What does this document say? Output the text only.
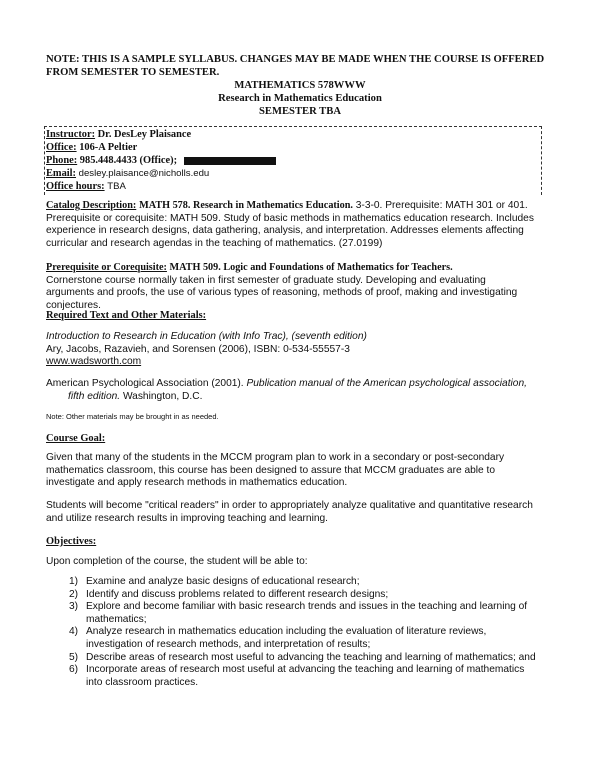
NOTE: THIS IS A SAMPLE SYLLABUS. CHANGES MAY BE MADE WHEN THE COURSE IS OFFERED FROM SEMESTER TO SEMESTER.
MATHEMATICS 578WWW
Research in Mathematics Education
SEMESTER TBA
Instructor: Dr. DesLey Plaisance
Office: 106-A Peltier
Phone: 985.448.4433 (Office);
Email: desley.plaisance@nicholls.edu
Office hours: TBA
Catalog Description: MATH 578. Research in Mathematics Education. 3-3-0. Prerequisite: MATH 301 or 401. Prerequisite or corequisite: MATH 509. Study of basic methods in mathematics education research. Includes experience in research designs, data gathering, analysis, and interpretation. Addresses elements affecting curricular and research agendas in the teaching of mathematics. (27.0199)
Prerequisite or Corequisite: MATH 509. Logic and Foundations of Mathematics for Teachers.
Cornerstone course normally taken in first semester of graduate study. Developing and evaluating arguments and proofs, the use of various types of reasoning, methods of proof, making and investigating conjectures.
Required Text and Other Materials:
Introduction to Research in Education (with Info Trac), (seventh edition)
Ary, Jacobs, Razavieh, and Sorensen (2006), ISBN: 0-534-55557-3
www.wadsworth.com
American Psychological Association (2001). Publication manual of the American psychological association, fifth edition. Washington, D.C.
Note: Other materials may be brought in as needed.
Course Goal:
Given that many of the students in the MCCM program plan to work in a secondary or post-secondary mathematics classroom, this course has been designed to assure that MCCM graduates are able to investigate and apply research methods in mathematics education.
Students will become "critical readers" in order to appropriately analyze qualitative and quantitative research and utilize research results in improving teaching and learning.
Objectives:
Upon completion of the course, the student will be able to:
1) Examine and analyze basic designs of educational research;
2) Identify and discuss problems related to different research designs;
3) Explore and become familiar with basic research trends and issues in the teaching and learning of mathematics;
4) Analyze research in mathematics education including the evaluation of literature reviews, investigation of research methods, and interpretation of results;
5) Describe areas of research most useful to advancing the teaching and learning of mathematics; and
6) Incorporate areas of research most useful at advancing the teaching and learning of mathematics into classroom practices.
